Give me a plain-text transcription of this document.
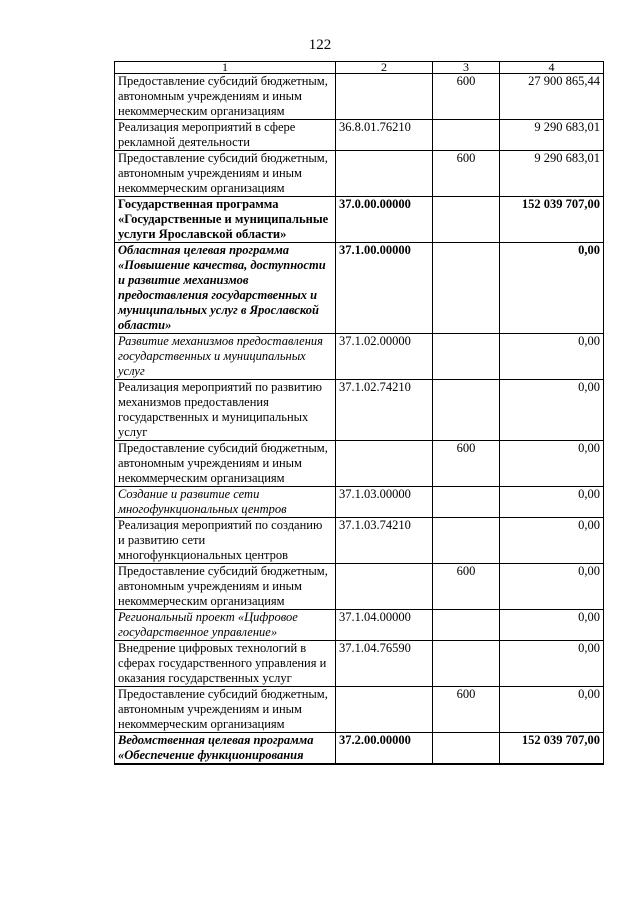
122
1	2	3	4
Предоставление субсидий бюджетным, автономным учреждениям и иным некоммерческим организациям		600	27 900 865,44
Реализация мероприятий в сфере рекламной деятельности	36.8.01.76210		9 290 683,01
Предоставление субсидий бюджетным, автономным учреждениям и иным некоммерческим организациям		600	9 290 683,01
Государственная программа «Государственные и муниципальные услуги Ярославской области»	37.0.00.00000		152 039 707,00
Областная целевая программа «Повышение качества, доступности и развитие механизмов предоставления государственных и муниципальных услуг в Ярославской области»	37.1.00.00000		0,00
Развитие механизмов предоставления государственных и муниципальных услуг	37.1.02.00000		0,00
Реализация мероприятий по развитию механизмов предоставления государственных и муниципальных услуг	37.1.02.74210		0,00
Предоставление субсидий бюджетным, автономным учреждениям и иным некоммерческим организациям		600	0,00
Создание и развитие сети многофункциональных центров	37.1.03.00000		0,00
Реализация мероприятий по созданию и развитию сети многофункциональных центров	37.1.03.74210		0,00
Предоставление субсидий бюджетным, автономным учреждениям и иным некоммерческим организациям		600	0,00
Региональный проект «Цифровое государственное управление»	37.1.04.00000		0,00
Внедрение цифровых технологий в сферах государственного управления и оказания государственных услуг	37.1.04.76590		0,00
Предоставление субсидий бюджетным, автономным учреждениям и иным некоммерческим организациям		600	0,00
Ведомственная целевая программа «Обеспечение функционирования	37.2.00.00000		152 039 707,00
